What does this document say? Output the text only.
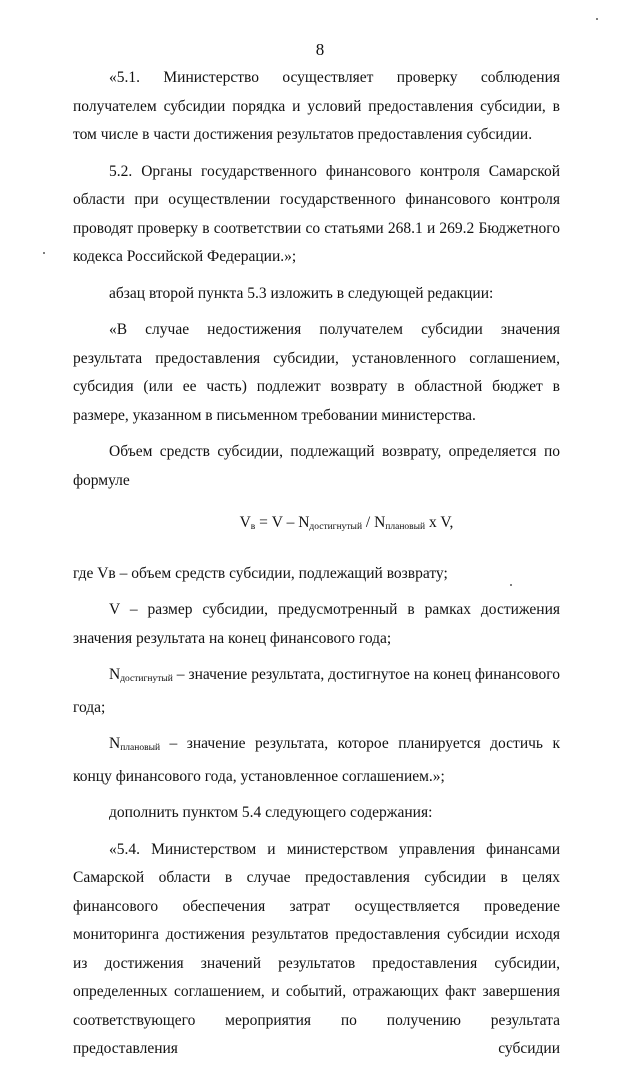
8

«5.1. Министерство осуществляет проверку соблюдения получателем субсидии порядка и условий предоставления субсидии, в том числе в части достижения результатов предоставления субсидии.

5.2. Органы государственного финансового контроля Самарской области при осуществлении государственного финансового контроля проводят проверку в соответствии со статьями 268.1 и 269.2 Бюджетного кодекса Российской Федерации.»;

абзац второй пункта 5.3 изложить в следующей редакции:

«В случае недостижения получателем субсидии значения результата предоставления субсидии, установленного соглашением, субсидия (или ее часть) подлежит возврату в областной бюджет в размере, указанном в письменном требовании министерства.

Объем средств субсидии, подлежащий возврату, определяется по формуле

$V_в = V - N_{достигнутый} / N_{плановый}$ x V,

где Vв – объем средств субсидии, подлежащий возврату;

V – размер субсидии, предусмотренный в рамках достижения значения результата на конец финансового года;

$N_{достигнутый}$ – значение результата, достигнутое на конец финансового года;

$N_{плановый}$ – значение результата, которое планируется достичь к концу финансового года, установленное соглашением.»;

дополнить пунктом 5.4 следующего содержания:

«5.4. Министерством и министерством управления финансами Самарской области в случае предоставления субсидии в целях финансового обеспечения затрат осуществляется проведение мониторинга достижения результатов предоставления субсидии исходя из достижения значений результатов предоставления субсидии, определенных соглашением, и событий, отражающих факт завершения соответствующего мероприятия по получению результата предоставления субсидии
